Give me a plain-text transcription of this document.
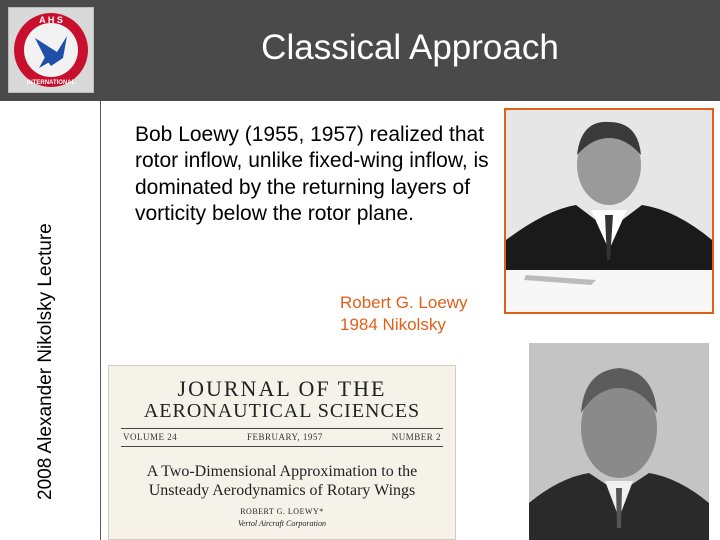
A H S
INTERNATIONAL
Classical Approach
2008 Alexander Nikolsky Lecture
Bob Loewy (1955, 1957) realized that rotor inflow, unlike fixed-wing inflow, is dominated by the returning layers of vorticity below the rotor plane.
Robert G. Loewy
1984 Nikolsky
JOURNAL OF THE
AERONAUTICAL SCIENCES
VOLUME 24	FEBRUARY, 1957	NUMBER 2
A Two-Dimensional Approximation to the
Unsteady Aerodynamics of Rotary Wings
ROBERT G. LOEWY*
Vertol Aircraft Corporation
